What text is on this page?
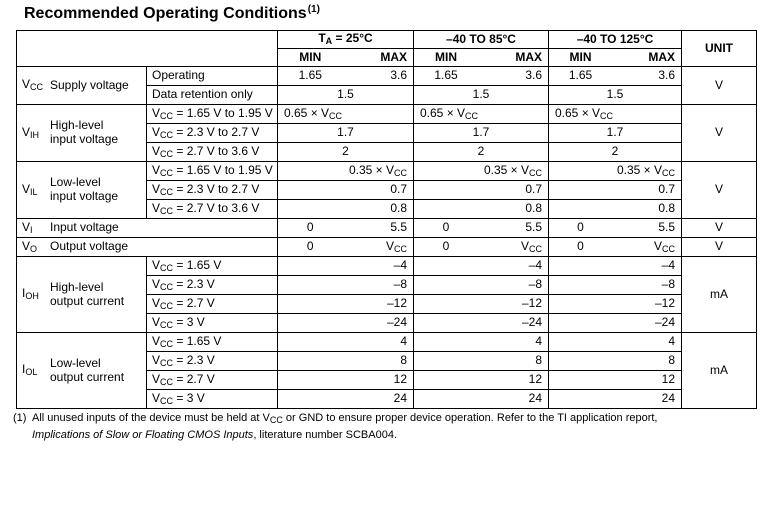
Recommended Operating Conditions$^{(1)}$
		$T_A = 25^\circ C$	–40 TO 85°C	–40 TO 125°C	UNIT

		MIN MAX	MIN MAX	MIN MAX	

$V_{CC}$ Supply voltage	Operating	1.65 3.6	1.65 3.6	1.65 3.6	V
	Data retention only	1.5	1.5	1.5	

$V_{IH}$
High-level
input voltage	$V_{CC} = 1.65$ V to 1.95 V	$0.65 \times V_{CC}$	$0.65 \times V_{CC}$	$0.65 \times V_{CC}$	V
	$V_{CC} = 2.3$ V to 2.7 V	1.7	1.7	1.7	

	$V_{CC} = 2.7$ V to 3.6 V	2	2	2	

$V_{IL}$
Low-level
input voltage	$V_{CC} = 1.65$ V to 1.95 V	$0.35 \times V_{CC}$	$0.35 \times V_{CC}$	$0.35 \times V_{CC}$	V
	$V_{CC} = 2.3$ V to 2.7 V	0.7	0.7	0.7	

	$V_{CC} = 2.7$ V to 3.6 V	0.8	0.8	0.8	

$V_I$ Input voltage		0 5.5	0 5.5	0 5.5	V

$V_O$ Output voltage		0 $V_{CC}$	0 $V_{CC}$	0 $V_{CC}$	V

$I_{OH}$
High-level
output current	$V_{CC} = 1.65$ V	–4	–4	–4	mA
	$V_{CC} = 2.3$ V	–8	–8	–8	

	$V_{CC} = 2.7$ V	–12	–12	–12	

	$V_{CC} = 3$ V	–24	–24	–24	

$I_{OL}$
Low-level
output current	$V_{CC} = 1.65$ V	4	4	4	mA
	$V_{CC} = 2.3$ V	8	8	8	

	$V_{CC} = 2.7$ V	12	12	12	

	$V_{CC} = 3$ V	24	24	24	
(1) All unused inputs of the device must be held at $V_{CC}$ or GND to ensure proper device operation. Refer to the TI application report,
Implications of Slow or Floating CMOS Inputs, literature number SCBA004.
